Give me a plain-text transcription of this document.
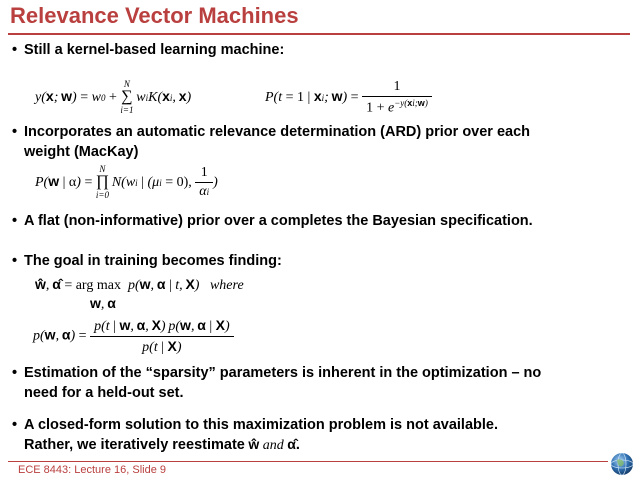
Relevance Vector Machines
• Still a kernel-based learning machine:
y(x; w) = w0 + N
∑
i=1 wiK(xi, x)	P(t = 1 | xi; $w) = \frac{1}{1 + e^{-y(xi;w)}}$
• Incorporates an automatic relevance determination (ARD) prior over each
weight (MacKay)
P(w | α) = N
∏
i=0 N(wi | (μi = 0), $\frac{1}{\alpha i}$ )
• A flat (non-informative) prior over a completes the Bayesian specification.
• The goal in training becomes finding:
ŵ, α̂ = arg max  p(w, α | t, X)   where
w, α
p(w, $\alpha) = \frac{p(t | w, \alpha, X) p(w, \alpha | X)}{p(t | X)}$
• Estimation of the “sparsity” parameters is inherent in the optimization – no
need for a held-out set.
• A closed-form solution to this maximization problem is not available.
Rather, we iteratively reestimate ŵ and α̂.
ECE 8443: Lecture 16, Slide 9
